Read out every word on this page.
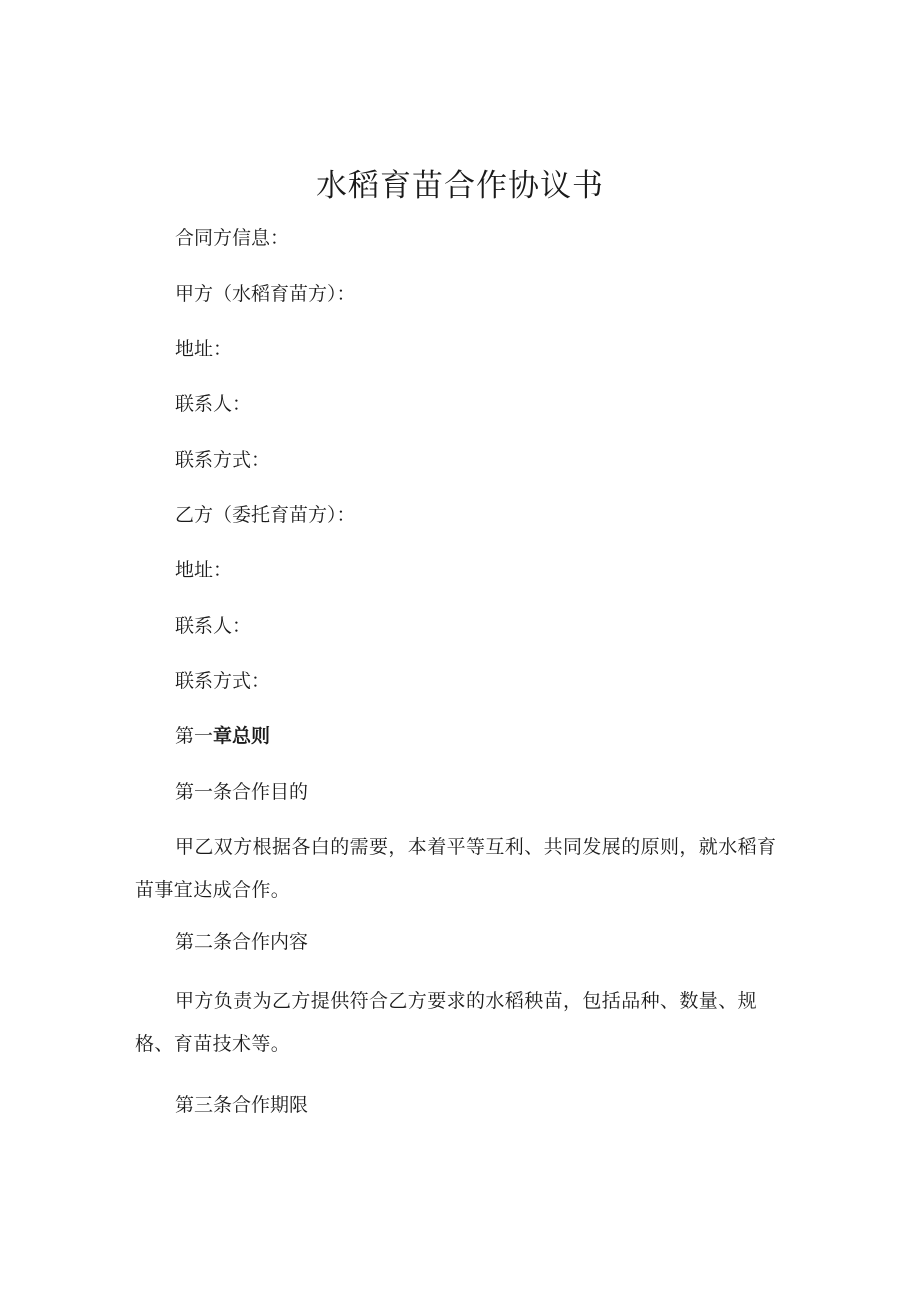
水稻育苗合作协议书

合同方信息：

甲方（水稻育苗方）：

地址：

联系人：

联系方式：

乙方（委托育苗方）：

地址：

联系人：

联系方式：

第一章总则

第一条合作目的

甲乙双方根据各白的需要，本着平等互利、共同发展的原则，就水稻育苗事宜达成合作。

第二条合作内容

甲方负责为乙方提供符合乙方要求的水稻秧苗，包括品种、数量、规格、育苗技术等。

第三条合作期限
